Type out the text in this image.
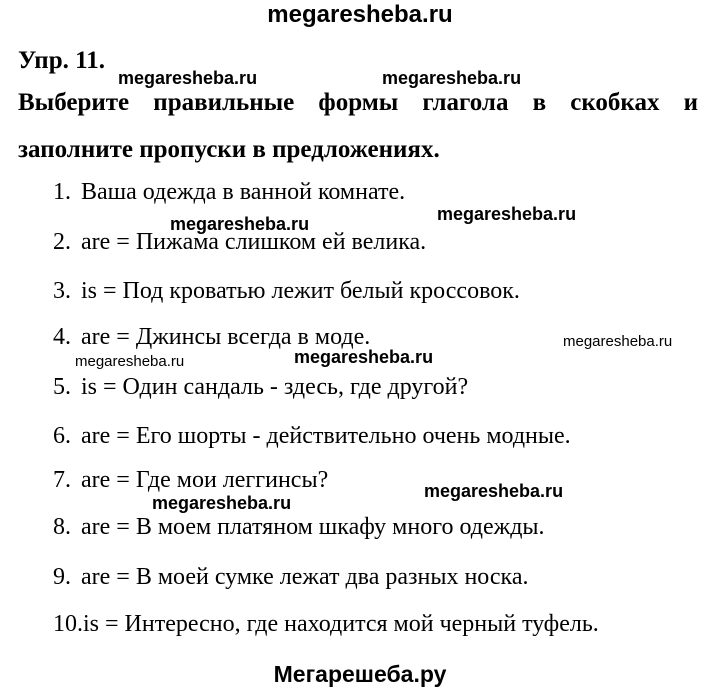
megaresheba.ru
Упр. 11.
megaresheba.ru	megaresheba.ru
Выберите правильные формы глагола в скобках и
заполните пропуски в предложениях.
1. Ваша одежда в ванной комнате.
megaresheba.ru	megaresheba.ru
2. are = Пижама слишком ей велика.
3. is = Под кроватью лежит белый кроссовок.
4. are = Джинсы всегда в моде.
megaresheba.ru	megaresheba.ru
megaresheba.ru
5. is = Один сандаль - здесь, где другой?
6. are = Его шорты - действительно очень модные.
7. are = Где мои леггинсы?
megaresheba.ru
megaresheba.ru
8. are = В моем платяном шкафу много одежды.
9. are = В моей сумке лежат два разных носка.
10.is = Интересно, где находится мой черный туфель.
Мегарешеба.ру
